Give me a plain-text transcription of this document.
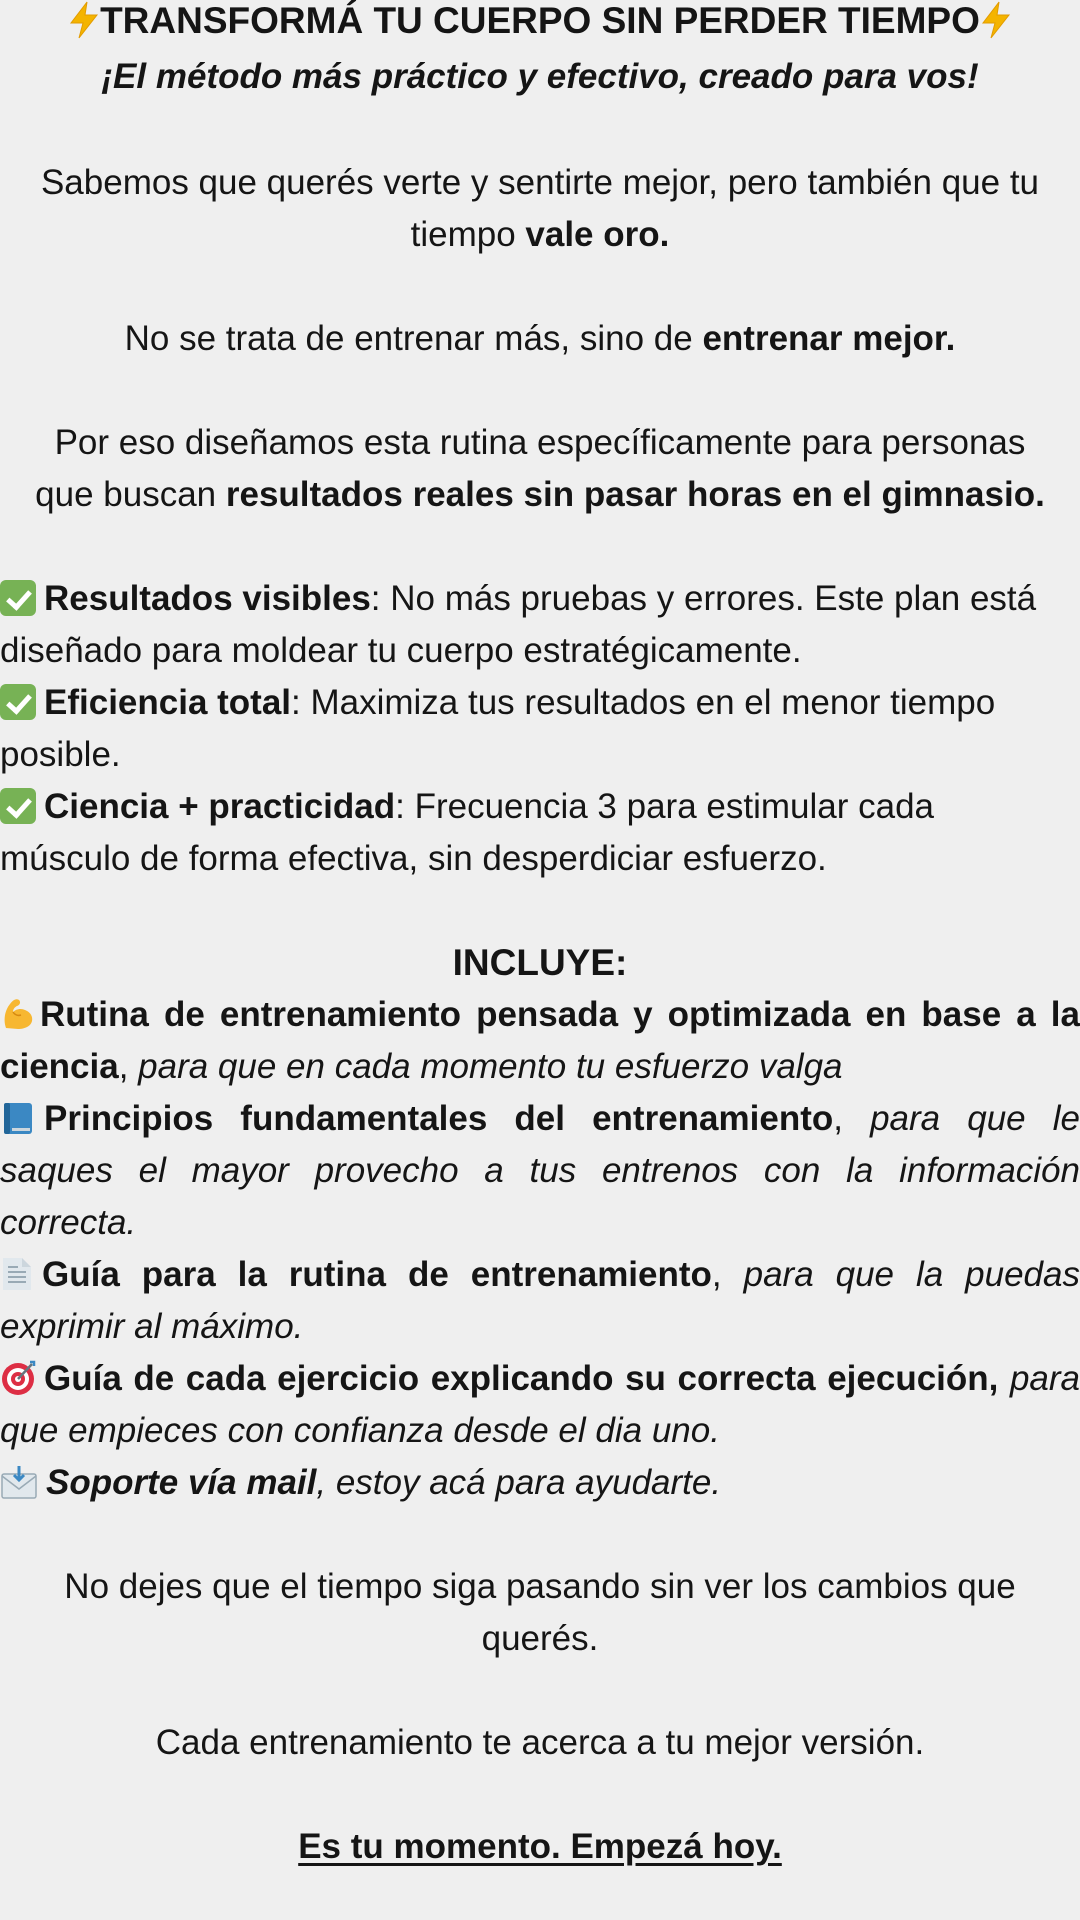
TRANSFORMÁ TU CUERPO SIN PERDER TIEMPO
¡El método más práctico y efectivo, creado para vos!
Sabemos que querés verte y sentirte mejor, pero también que tu
tiempo vale oro.
No se trata de entrenar más, sino de entrenar mejor.
Por eso diseñamos esta rutina específicamente para personas
que buscan resultados reales sin pasar horas en el gimnasio.
Resultados visibles: No más pruebas y errores. Este plan está
diseñado para moldear tu cuerpo estratégicamente.
Eficiencia total: Maximiza tus resultados en el menor tiempo
posible.
Ciencia + practicidad: Frecuencia 3 para estimular cada
músculo de forma efectiva, sin desperdiciar esfuerzo.
INCLUYE:
Rutina de entrenamiento pensada y optimizada en base a la
ciencia, para que en cada momento tu esfuerzo valga
Principios fundamentales del entrenamiento, para que le
saques el mayor provecho a tus entrenos con la información
correcta.
Guía para la rutina de entrenamiento, para que la puedas
exprimir al máximo.
Guía de cada ejercicio explicando su correcta ejecución, para
que empieces con confianza desde el dia uno.
Soporte vía mail, estoy acá para ayudarte.
No dejes que el tiempo siga pasando sin ver los cambios que
querés.
Cada entrenamiento te acerca a tu mejor versión.
Es tu momento. Empezá hoy.
